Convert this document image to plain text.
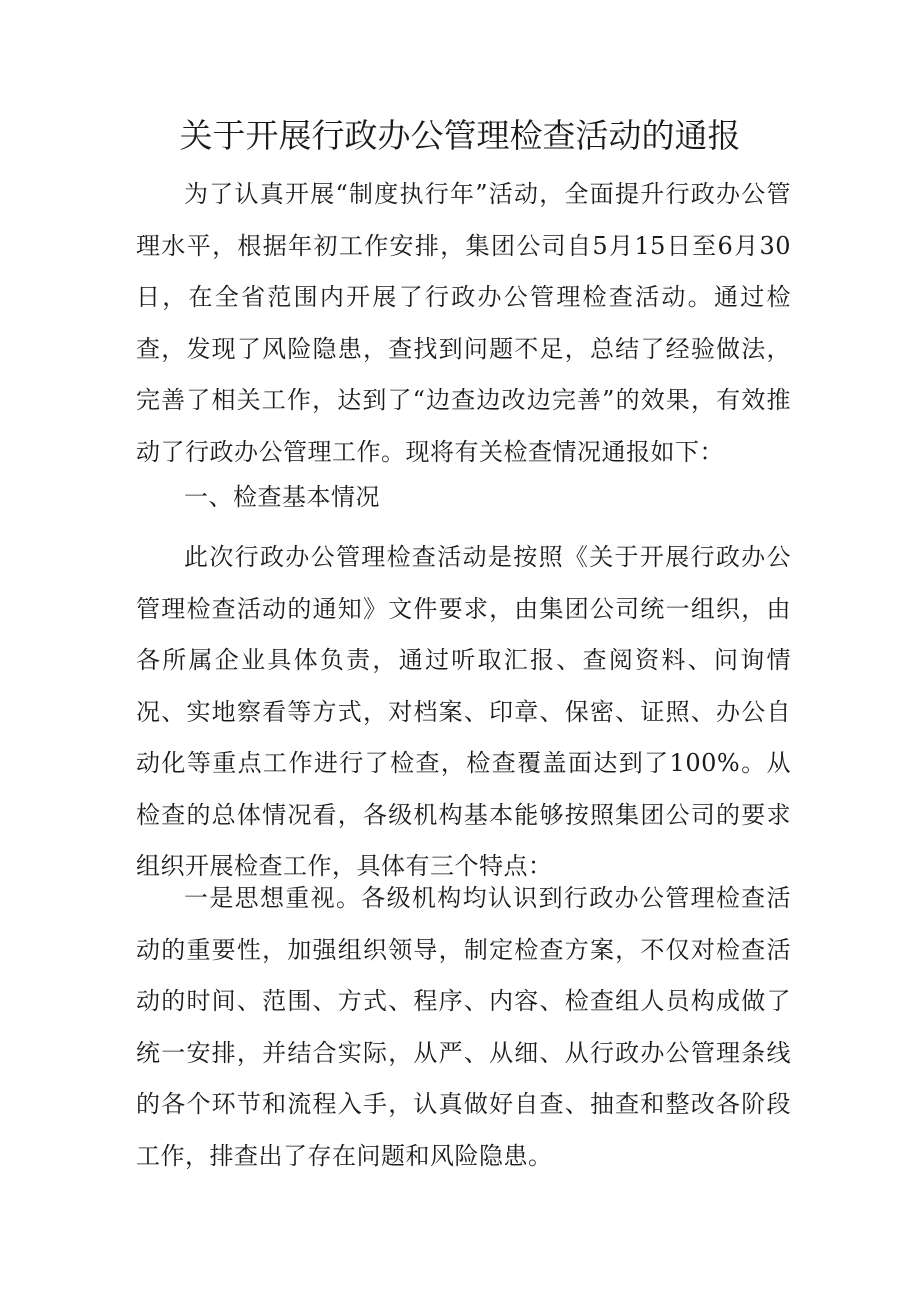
关于开展行政办公管理检查活动的通报

为了认真开展“制度执行年”活动，全面提升行政办公管理水平，根据年初工作安排，集团公司自5月15日至6月30日，在全省范围内开展了行政办公管理检查活动。通过检查，发现了风险隐患，查找到问题不足，总结了经验做法，完善了相关工作，达到了“边查边改边完善”的效果，有效推动了行政办公管理工作。现将有关检查情况通报如下：

一、检查基本情况

此次行政办公管理检查活动是按照《关于开展行政办公管理检查活动的通知》文件要求，由集团公司统一组织，由各所属企业具体负责，通过听取汇报、查阅资料、问询情况、实地察看等方式，对档案、印章、保密、证照、办公自动化等重点工作进行了检查，检查覆盖面达到了100%。从检查的总体情况看，各级机构基本能够按照集团公司的要求组织开展检查工作，具体有三个特点：

一是思想重视。各级机构均认识到行政办公管理检查活动的重要性，加强组织领导，制定检查方案，不仅对检查活动的时间、范围、方式、程序、内容、检查组人员构成做了统一安排，并结合实际，从严、从细、从行政办公管理条线的各个环节和流程入手，认真做好自查、抽查和整改各阶段工作，排查出了存在问题和风险隐患。
